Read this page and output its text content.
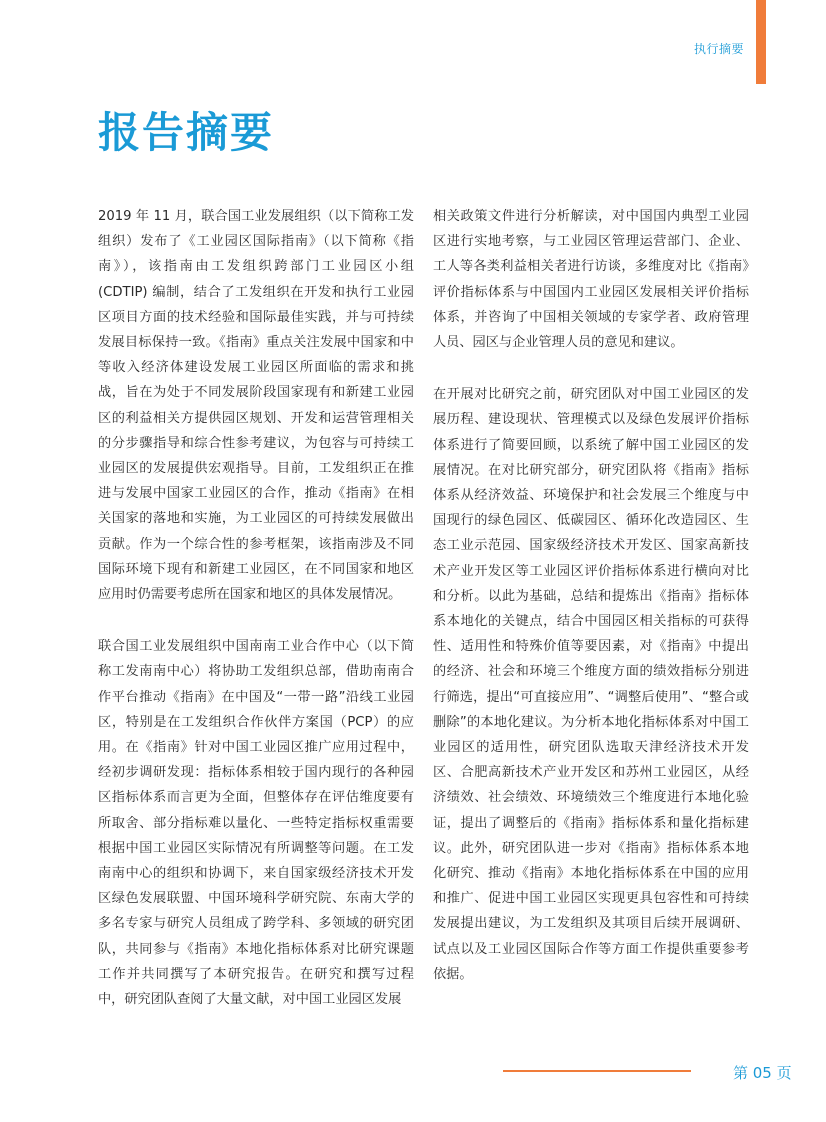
执行摘要
报告摘要

2019 年 11 月，联合国工业发展组织（以下简称工发组织）发布了《工业园区国际指南》（以下简称《指南》），该指南由工发组织跨部门工业园区小组 (CDTIP) 编制，结合了工发组织在开发和执行工业园区项目方面的技术经验和国际最佳实践，并与可持续发展目标保持一致。《指南》重点关注发展中国家和中等收入经济体建设发展工业园区所面临的需求和挑战，旨在为处于不同发展阶段国家现有和新建工业园区的利益相关方提供园区规划、开发和运营管理相关的分步骤指导和综合性参考建议，为包容与可持续工业园区的发展提供宏观指导。目前，工发组织正在推进与发展中国家工业园区的合作，推动《指南》在相关国家的落地和实施，为工业园区的可持续发展做出贡献。作为一个综合性的参考框架，该指南涉及不同国际环境下现有和新建工业园区，在不同国家和地区应用时仍需要考虑所在国家和地区的具体发展情况。

联合国工业发展组织中国南南工业合作中心（以下简称工发南南中心）将协助工发组织总部，借助南南合作平台推动《指南》在中国及“一带一路”沿线工业园区，特别是在工发组织合作伙伴方案国（PCP）的应用。在《指南》针对中国工业园区推广应用过程中，经初步调研发现：指标体系相较于国内现行的各种园区指标体系而言更为全面，但整体存在评估维度要有所取舍、部分指标难以量化、一些特定指标权重需要根据中国工业园区实际情况有所调整等问题。在工发南南中心的组织和协调下，来自国家级经济技术开发区绿色发展联盟、中国环境科学研究院、东南大学的多名专家与研究人员组成了跨学科、多领域的研究团队，共同参与《指南》本地化指标体系对比研究课题工作并共同撰写了本研究报告。在研究和撰写过程中，研究团队查阅了大量文献，对中国工业园区发展

相关政策文件进行分析解读，对中国国内典型工业园区进行实地考察，与工业园区管理运营部门、企业、工人等各类利益相关者进行访谈，多维度对比《指南》评价指标体系与中国国内工业园区发展相关评价指标体系，并咨询了中国相关领域的专家学者、政府管理人员、园区与企业管理人员的意见和建议。

在开展对比研究之前，研究团队对中国工业园区的发展历程、建设现状、管理模式以及绿色发展评价指标体系进行了简要回顾，以系统了解中国工业园区的发展情况。在对比研究部分，研究团队将《指南》指标体系从经济效益、环境保护和社会发展三个维度与中国现行的绿色园区、低碳园区、循环化改造园区、生态工业示范园、国家级经济技术开发区、国家高新技术产业开发区等工业园区评价指标体系进行横向对比和分析。以此为基础，总结和提炼出《指南》指标体系本地化的关键点，结合中国园区相关指标的可获得性、适用性和特殊价值等要因素，对《指南》中提出的经济、社会和环境三个维度方面的绩效指标分别进行筛选，提出“可直接应用”、“调整后使用”、“整合或删除”的本地化建议。为分析本地化指标体系对中国工业园区的适用性，研究团队选取天津经济技术开发区、合肥高新技术产业开发区和苏州工业园区，从经济绩效、社会绩效、环境绩效三个维度进行本地化验证，提出了调整后的《指南》指标体系和量化指标建议。此外，研究团队进一步对《指南》指标体系本地化研究、推动《指南》本地化指标体系在中国的应用和推广、促进中国工业园区实现更具包容性和可持续发展提出建议，为工发组织及其项目后续开展调研、试点以及工业园区国际合作等方面工作提供重要参考依据。

第 05 页
